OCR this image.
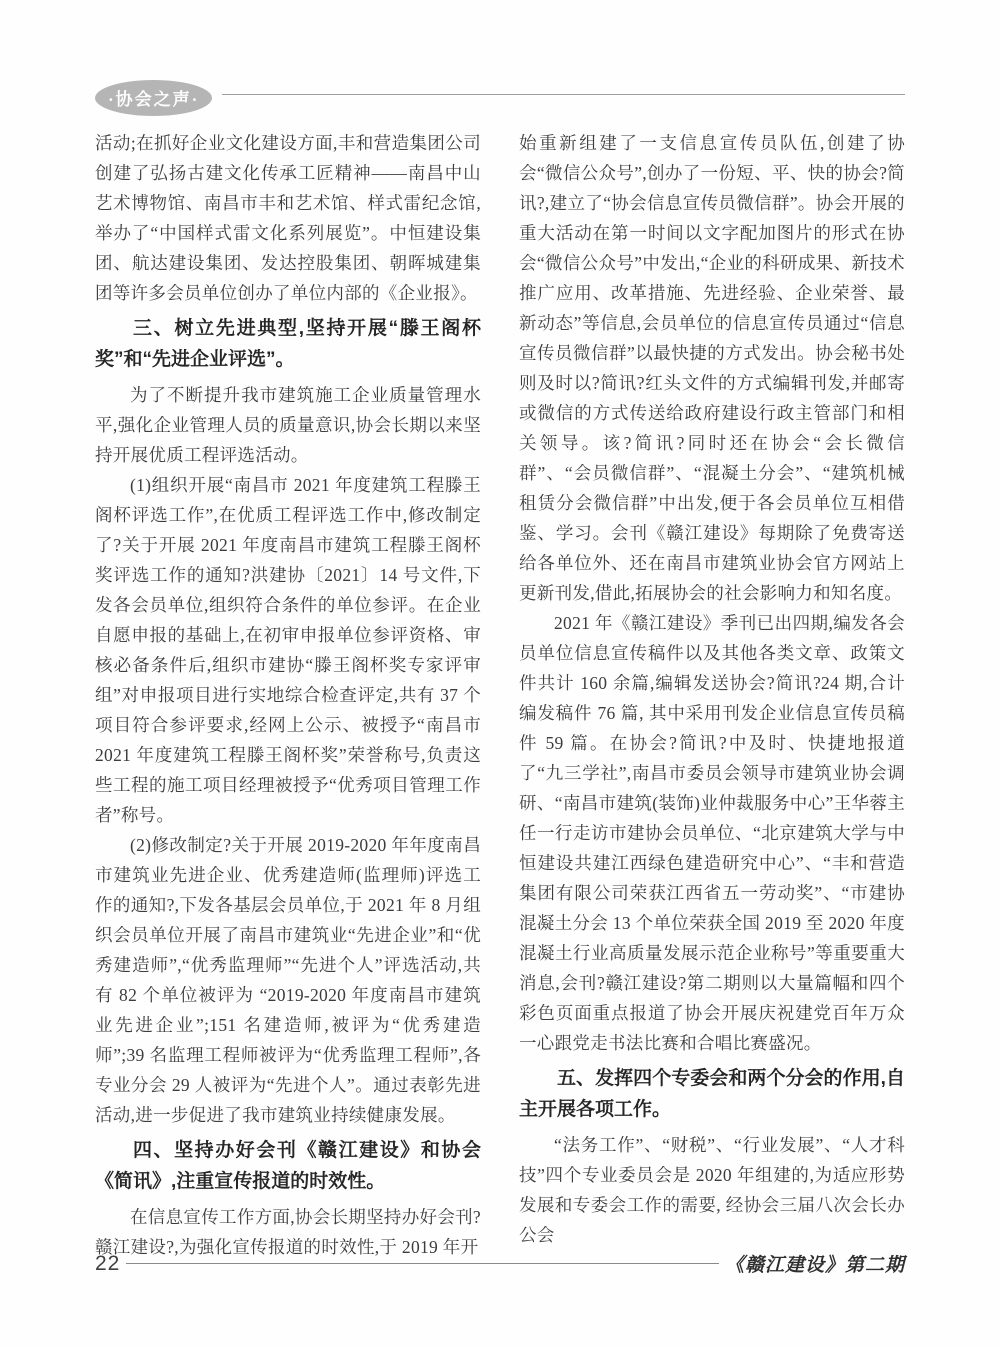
·协会之声·

活动;在抓好企业文化建设方面,丰和营造集团公司创建了弘扬古建文化传承工匠精神——南昌中山艺术博物馆、南昌市丰和艺术馆、样式雷纪念馆,举办了“中国样式雷文化系列展览”。中恒建设集团、航达建设集团、发达控股集团、朝晖城建集团等许多会员单位创办了单位内部的《企业报》。

三、树立先进典型,坚持开展“滕王阁杯奖”和“先进企业评选”。

为了不断提升我市建筑施工企业质量管理水平,强化企业管理人员的质量意识,协会长期以来坚持开展优质工程评选活动。

(1)组织开展“南昌市 2021 年度建筑工程滕王阁杯评选工作”,在优质工程评选工作中,修改制定了?关于开展 2021 年度南昌市建筑工程滕王阁杯奖评选工作的通知?洪建协〔2021〕14 号文件,下发各会员单位,组织符合条件的单位参评。在企业自愿申报的基础上,在初审申报单位参评资格、审核必备条件后,组织市建协“滕王阁杯奖专家评审组”对申报项目进行实地综合检查评定,共有 37 个项目符合参评要求,经网上公示、被授予“南昌市 2021 年度建筑工程滕王阁杯奖”荣誉称号,负责这些工程的施工项目经理被授予“优秀项目管理工作者”称号。

(2)修改制定?关于开展 2019-2020 年年度南昌市建筑业先进企业、优秀建造师(监理师)评选工作的通知?,下发各基层会员单位,于 2021 年 8 月组织会员单位开展了南昌市建筑业“先进企业”和“优秀建造师”,“优秀监理师”“先进个人”评选活动,共有 82 个单位被评为 “2019-2020 年度南昌市建筑业先进企业”;151 名建造师,被评为“优秀建造师”;39 名监理工程师被评为“优秀监理工程师”,各专业分会 29 人被评为“先进个人”。通过表彰先进活动,进一步促进了我市建筑业持续健康发展。

四、坚持办好会刊《赣江建设》和协会《简讯》,注重宣传报道的时效性。

在信息宣传工作方面,协会长期坚持办好会刊?赣江建设?,为强化宣传报道的时效性,于 2019 年开

始重新组建了一支信息宣传员队伍,创建了协会“微信公众号”,创办了一份短、平、快的协会?简讯?,建立了“协会信息宣传员微信群”。协会开展的重大活动在第一时间以文字配加图片的形式在协会“微信公众号”中发出,“企业的科研成果、新技术推广应用、改革措施、先进经验、企业荣誉、最新动态”等信息,会员单位的信息宣传员通过“信息宣传员微信群”以最快捷的方式发出。协会秘书处则及时以?简讯?红头文件的方式编辑刊发,并邮寄或微信的方式传送给政府建设行政主管部门和相关领导。该?简讯?同时还在协会“会长微信群”、“会员微信群”、“混凝土分会”、“建筑机械租赁分会微信群”中出发,便于各会员单位互相借鉴、学习。会刊《赣江建设》每期除了免费寄送给各单位外、还在南昌市建筑业协会官方网站上更新刊发,借此,拓展协会的社会影响力和知名度。

2021 年《赣江建设》季刊已出四期,编发各会员单位信息宣传稿件以及其他各类文章、政策文件共计 160 余篇,编辑发送协会?简讯?24 期,合计编发稿件 76 篇, 其中采用刊发企业信息宣传员稿件 59 篇。在协会?简讯?中及时、快捷地报道了“九三学社”,南昌市委员会领导市建筑业协会调研、“南昌市建筑(装饰)业仲裁服务中心”王华蓉主任一行走访市建协会员单位、“北京建筑大学与中恒建设共建江西绿色建造研究中心”、“丰和营造集团有限公司荣获江西省五一劳动奖”、“市建协混凝土分会 13 个单位荣获全国 2019 至 2020 年度混凝土行业高质量发展示范企业称号”等重要重大消息,会刊?赣江建设?第二期则以大量篇幅和四个彩色页面重点报道了协会开展庆祝建党百年万众一心跟党走书法比赛和合唱比赛盛况。

五、发挥四个专委会和两个分会的作用,自主开展各项工作。

“法务工作”、“财税”、“行业发展”、“人才科技”四个专业委员会是 2020 年组建的,为适应形势发展和专委会工作的需要, 经协会三届八次会长办公会

22	《赣江建设》第二期
